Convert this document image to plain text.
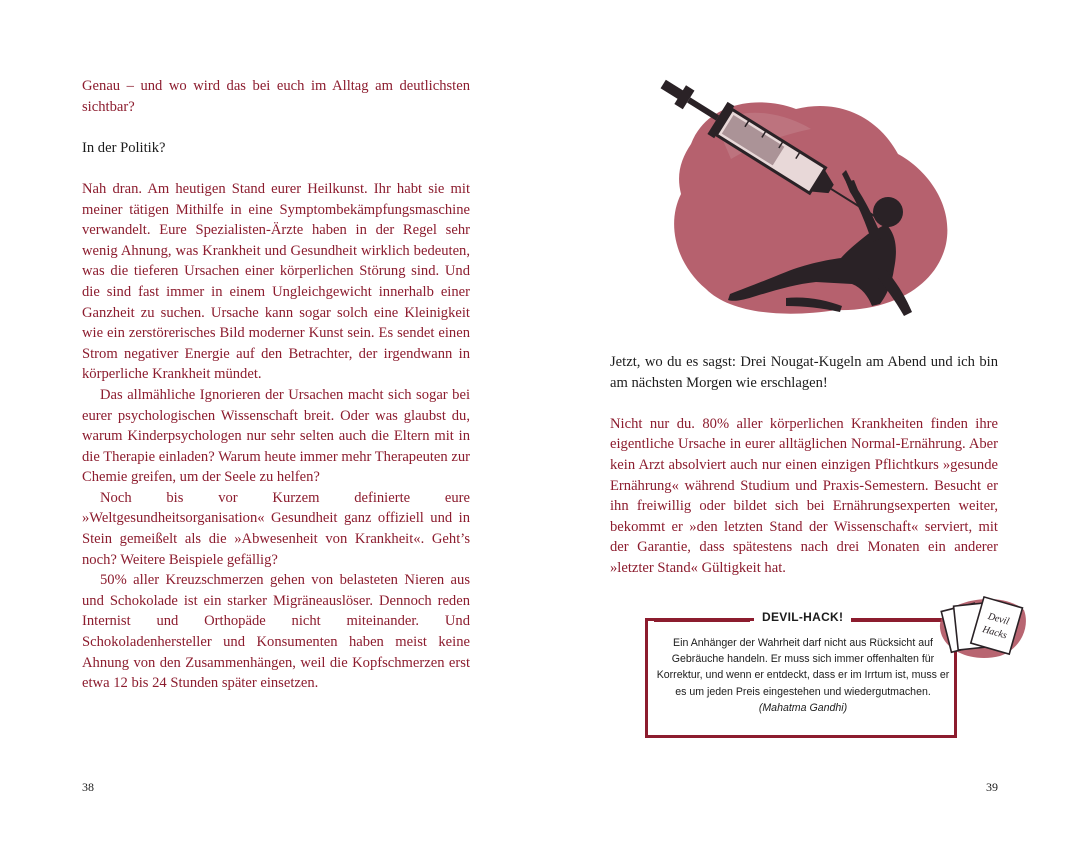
Genau – und wo wird das bei euch im Alltag am deutlichsten sichtbar?

In der Politik?

Nah dran. Am heutigen Stand eurer Heilkunst. Ihr habt sie mit meiner tätigen Mithilfe in eine Symptombekämpfungsmaschine verwandelt. Eure Spezialisten-Ärzte haben in der Regel sehr wenig Ahnung, was Krankheit und Gesundheit wirklich bedeuten, was die tieferen Ursachen einer körperlichen Störung sind. Und die sind fast immer in einem Ungleichgewicht innerhalb einer Ganzheit zu suchen. Ursache kann sogar solch eine Kleinigkeit wie ein zerstörerisches Bild moderner Kunst sein. Es sendet einen Strom negativer Energie auf den Betrachter, der irgendwann in körperliche Krankheit mündet.

Das allmähliche Ignorieren der Ursachen macht sich sogar bei eurer psychologischen Wissenschaft breit. Oder was glaubst du, warum Kinderpsychologen nur sehr selten auch die Eltern mit in die Therapie einladen? Warum heute immer mehr Therapeuten zur Chemie greifen, um der Seele zu helfen?

Noch bis vor Kurzem definierte eure »Weltgesundheitsorganisation« Gesundheit ganz offiziell und in Stein gemeißelt als die »Abwesenheit von Krankheit«. Geht’s noch? Weitere Beispiele gefällig?

50% aller Kreuzschmerzen gehen von belasteten Nieren aus und Schokolade ist ein starker Migräneauslöser. Dennoch reden Internist und Orthopäde nicht miteinander. Und Schokoladenhersteller und Konsumenten haben meist keine Ahnung von den Zusammenhängen, weil die Kopfschmerzen erst etwa 12 bis 24 Stunden später einsetzen.

38

Jetzt, wo du es sagst: Drei Nougat-Kugeln am Abend und ich bin am nächsten Morgen wie erschlagen!

Nicht nur du. 80% aller körperlichen Krankheiten finden ihre eigentliche Ursache in eurer alltäglichen Normal-Ernährung. Aber kein Arzt absolviert auch nur einen einzigen Pflichtkurs »gesunde Ernährung« während Studium und Praxis-Semestern. Besucht er ihn freiwillig oder bildet sich bei Ernährungsexperten weiter, bekommt er »den letzten Stand der Wissenschaft« serviert, mit der Garantie, dass spätestens nach drei Monaten ein anderer »letzter Stand« Gültigkeit hat.

DEVIL-HACK!
Ein Anhänger der Wahrheit darf nicht aus Rücksicht auf Gebräuche handeln. Er muss sich immer offenhalten für Korrektur, und wenn er entdeckt, dass er im Irrtum ist, muss er es um jeden Preis eingestehen und wiedergutmachen.
(Mahatma Gandhi)
Devil
Hacks
39
